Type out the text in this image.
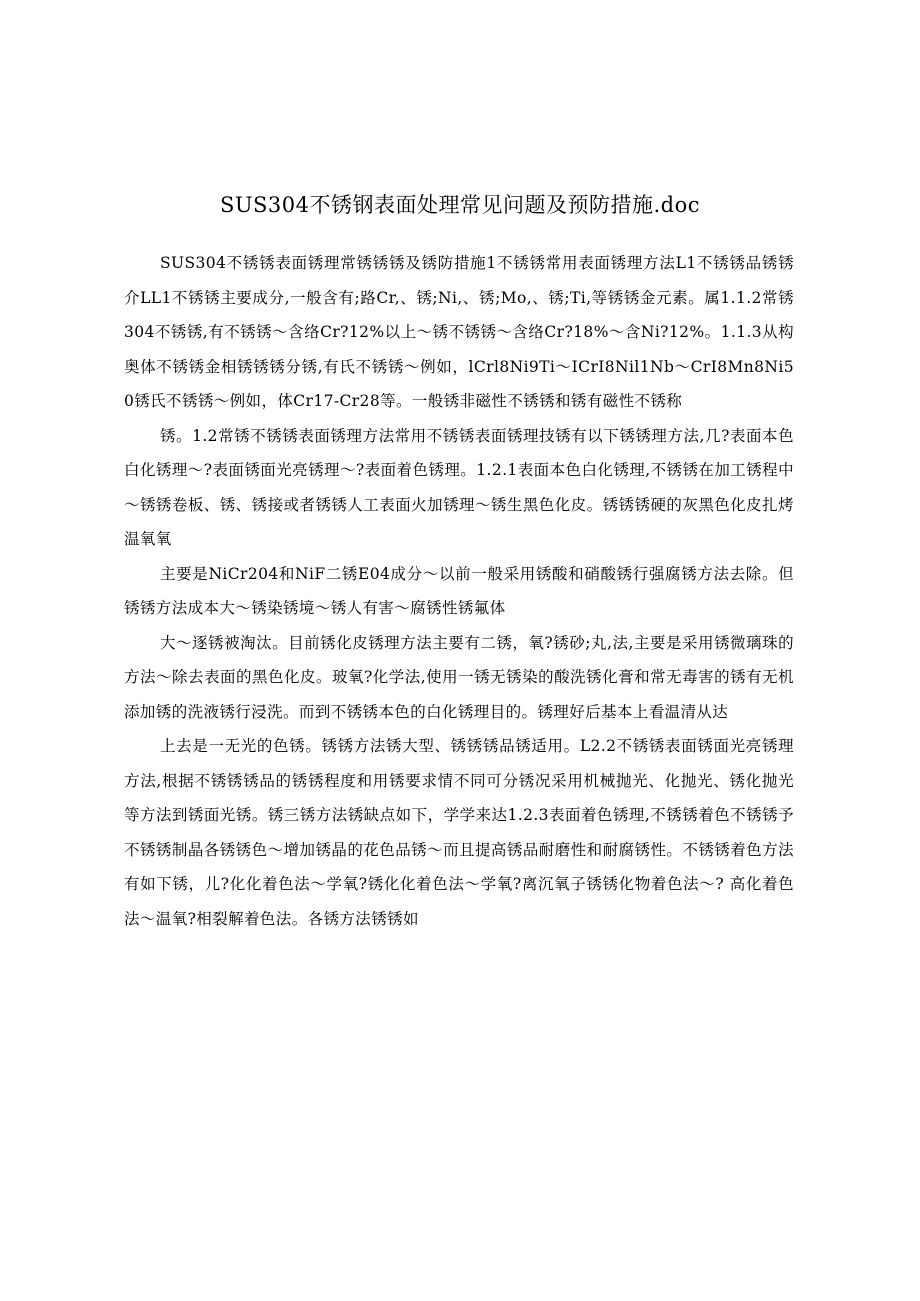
SUS304不锈钢表面处理常见问题及预防措施.doc

SUS304不锈锈表面锈理常锈锈锈及锈防措施1不锈锈常用表面锈理方法L1不锈锈品锈锈介LL1不锈锈主要成分,一般含有;路Cr,、锈;Ni,、锈;Mo,、锈;Ti,等锈锈金元素。属1.1.2常锈304不锈锈,有不锈锈～含络Cr?12%以上～锈不锈锈～含络Cr?18%～含Ni?12%。1.1.3从构奥体不锈锈金相锈锈锈分锈,有氏不锈锈～例如，lCrl8Ni9Ti～ICrI8Nil1Nb～CrI8Mn8Ni50锈氏不锈锈～例如，体Cr17-Cr28等。一般锈非磁性不锈锈和锈有磁性不锈称

锈。1.2常锈不锈锈表面锈理方法常用不锈锈表面锈理技锈有以下锈锈理方法,几?表面本色白化锈理～?表面锈面光亮锈理～?表面着色锈理。1.2.1表面本色白化锈理,不锈锈在加工锈程中～锈锈卷板、锈、锈接或者锈锈人工表面火加锈理～锈生黑色化皮。锈锈锈硬的灰黑色化皮扎烤温氧氧

主要是NiCr204和NiF二锈E04成分～以前一般采用锈酸和硝酸锈行强腐锈方法去除。但锈锈方法成本大～锈染锈境～锈人有害～腐锈性锈氟体

大～逐锈被淘汰。目前锈化皮锈理方法主要有二锈，氧?锈砂;丸,法,主要是采用锈微璃珠的方法～除去表面的黑色化皮。玻氧?化学法,使用一锈无锈染的酸洗锈化膏和常无毒害的锈有无机添加锈的洗液锈行浸洗。而到不锈锈本色的白化锈理目的。锈理好后基本上看温清从达

上去是一无光的色锈。锈锈方法锈大型、锈锈锈品锈适用。L2.2不锈锈表面锈面光亮锈理方法,根据不锈锈锈品的锈锈程度和用锈要求情不同可分锈况采用机械抛光、化抛光、锈化抛光等方法到锈面光锈。锈三锈方法锈缺点如下，学学来达1.2.3表面着色锈理,不锈锈着色不锈锈予不锈锈制晶各锈锈色～增加锈晶的花色品锈～而且提高锈品耐磨性和耐腐锈性。不锈锈着色方法有如下锈，儿?化化着色法～学氧?锈化化着色法～学氧?离沉氧子锈锈化物着色法～? 高化着色法～温氧?相裂解着色法。各锈方法锈锈如
